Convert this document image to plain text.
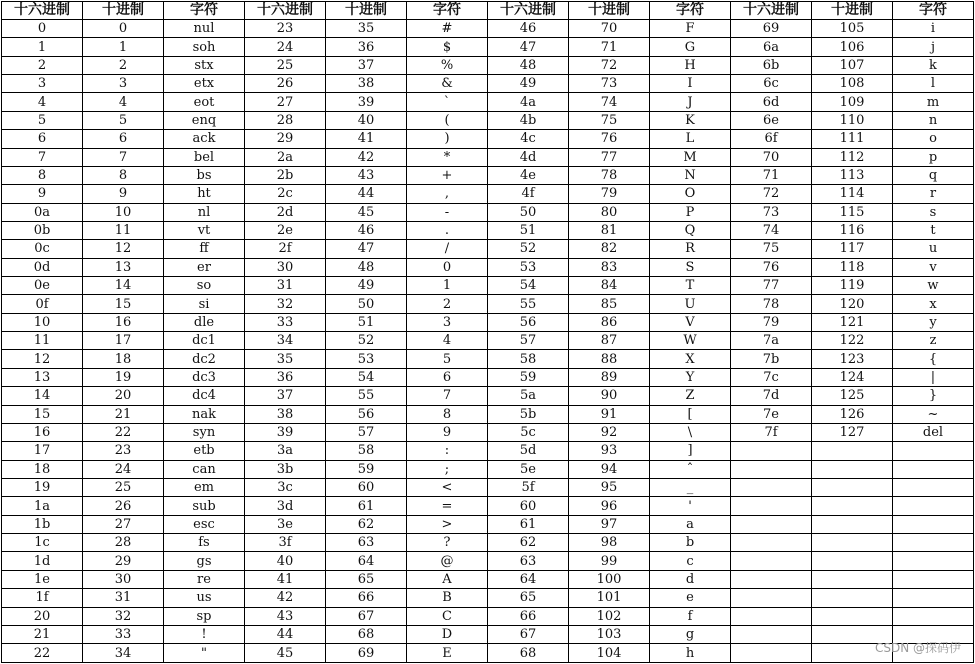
十六进制	十进制	字符	十六进制	十进制	字符	十六进制	十进制	字符	十六进制	十进制	字符
0	0	nul	23	35	#	46	70	F	69	105	i
1	1	soh	24	36	$	47	71	G	6a	106	j
2	2	stx	25	37	%	48	72	H	6b	107	k
3	3	etx	26	38	&	49	73	I	6c	108	l
4	4	eot	27	39	`	4a	74	J	6d	109	m
5	5	enq	28	40	(	4b	75	K	6e	110	n
6	6	ack	29	41	)	4c	76	L	6f	111	o
7	7	bel	2a	42	*	4d	77	M	70	112	p
8	8	bs	2b	43	+	4e	78	N	71	113	q
9	9	ht	2c	44	,	4f	79	O	72	114	r
0a	10	nl	2d	45	-	50	80	P	73	115	s
0b	11	vt	2e	46	.	51	81	Q	74	116	t
0c	12	ff	2f	47	/	52	82	R	75	117	u
0d	13	er	30	48	0	53	83	S	76	118	v
0e	14	so	31	49	1	54	84	T	77	119	w
0f	15	si	32	50	2	55	85	U	78	120	x
10	16	dle	33	51	3	56	86	V	79	121	y
11	17	dc1	34	52	4	57	87	W	7a	122	z
12	18	dc2	35	53	5	58	88	X	7b	123	{
13	19	dc3	36	54	6	59	89	Y	7c	124	|
14	20	dc4	37	55	7	5a	90	Z	7d	125	}
15	21	nak	38	56	8	5b	91	[	7e	126	~
16	22	syn	39	57	9	5c	92	\	7f	127	del
17	23	etb	3a	58	:	5d	93	]			
18	24	can	3b	59	;	5e	94	ˆ			
19	25	em	3c	60	<	5f	95	_			
1a	26	sub	3d	61	=	60	96	'			
1b	27	esc	3e	62	>	61	97	a			
1c	28	fs	3f	63	?	62	98	b			
1d	29	gs	40	64	@	63	99	c			
1e	30	re	41	65	A	64	100	d			
1f	31	us	42	66	B	65	101	e			
20	32	sp	43	67	C	66	102	f			
21	33	!	44	68	D	67	103	g			
22	34	"	45	69	E	68	104	h				CSDN @探码伊
